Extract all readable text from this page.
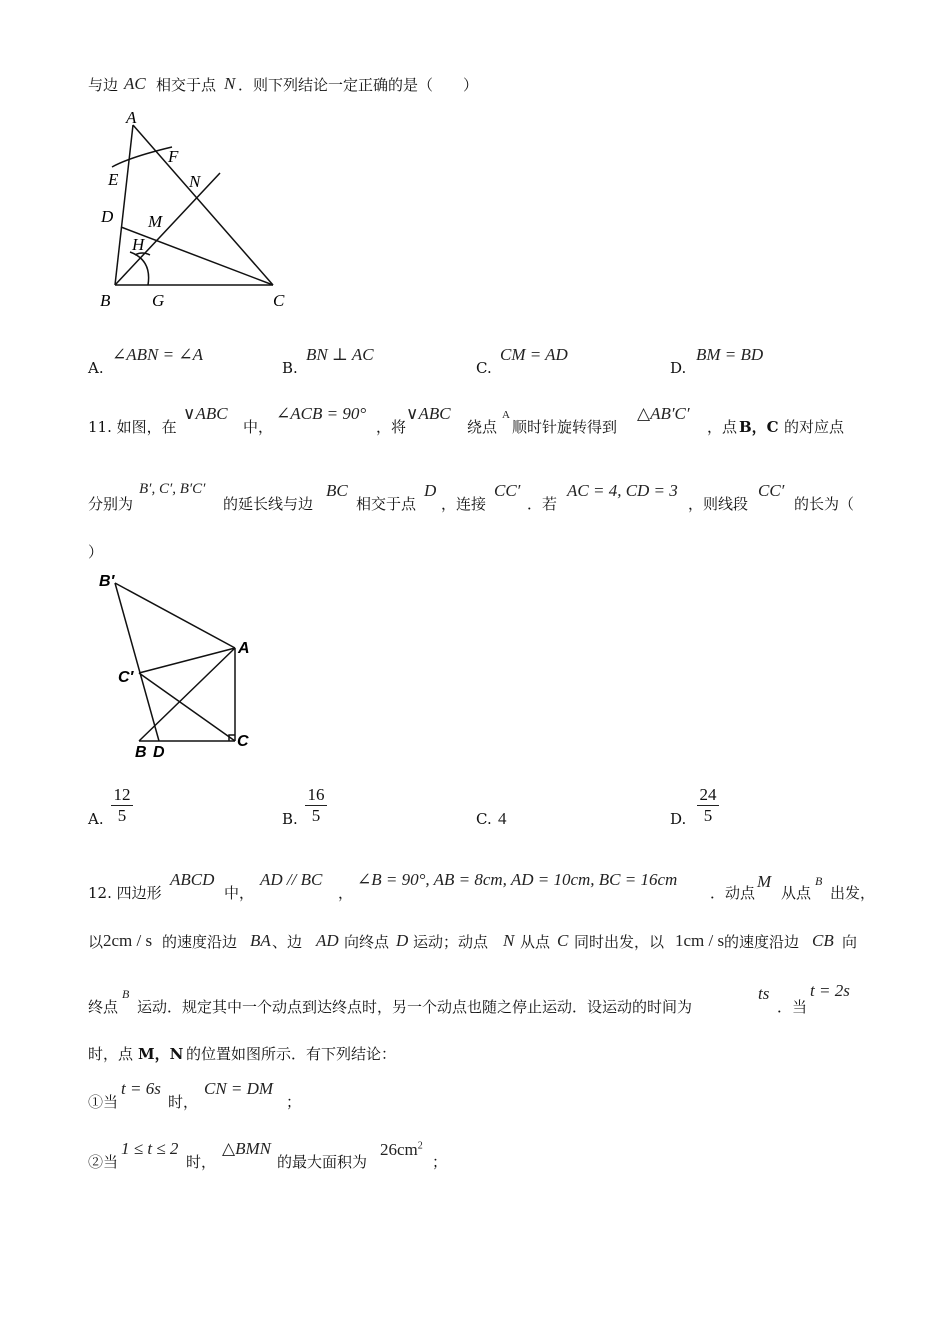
与边 AC 相交于点 N ．则下列结论一定正确的是（　　）
A
F
E	N
D M
H
B G	C
A.
∠ABN = ∠A
B.
BN ⊥ AC
C.
CM = AD
D.
BM = BD
11. 如图，在
∨ABC
中，
∠ACB = 90°
，将
∨ABC
绕点
A
顺时针旋转得到
△AB′C′
，点 B，C 的对应点
分别为
B′, C′, B′C′
的延长线与边
BC
相交于点
D
，连接
CC′
．若
AC = 4, CD = 3
，则线段
CC′
的长为（
）
B′
A
C′
B D
C
A.
12
5	B.
16
5	C. 4	D.
24
5
12. 四边形
ABCD
中，
AD // BC
，
∠B = 90°, AB = 8cm, AD = 10cm, BC = 16cm
．动点
M
从点
B
出发，
以 2cm / s 的速度沿边 BA 、边 AD 向终点 D 运动；动点 N 从点 C 同时出发，以 1cm / s 的速度沿边 CB 向
终点
B
运动．规定其中一个动点到达终点时，另一个动点也随之停止运动．设运动的时间为
ts
．当
t = 2s
时，点 M，N 的位置如图所示．有下列结论：
①当
t = 6s
时，
CN = DM
；
②当
1 ≤ t ≤ 2
时，
△BMN
的最大面积为
$26cm^2$
；
